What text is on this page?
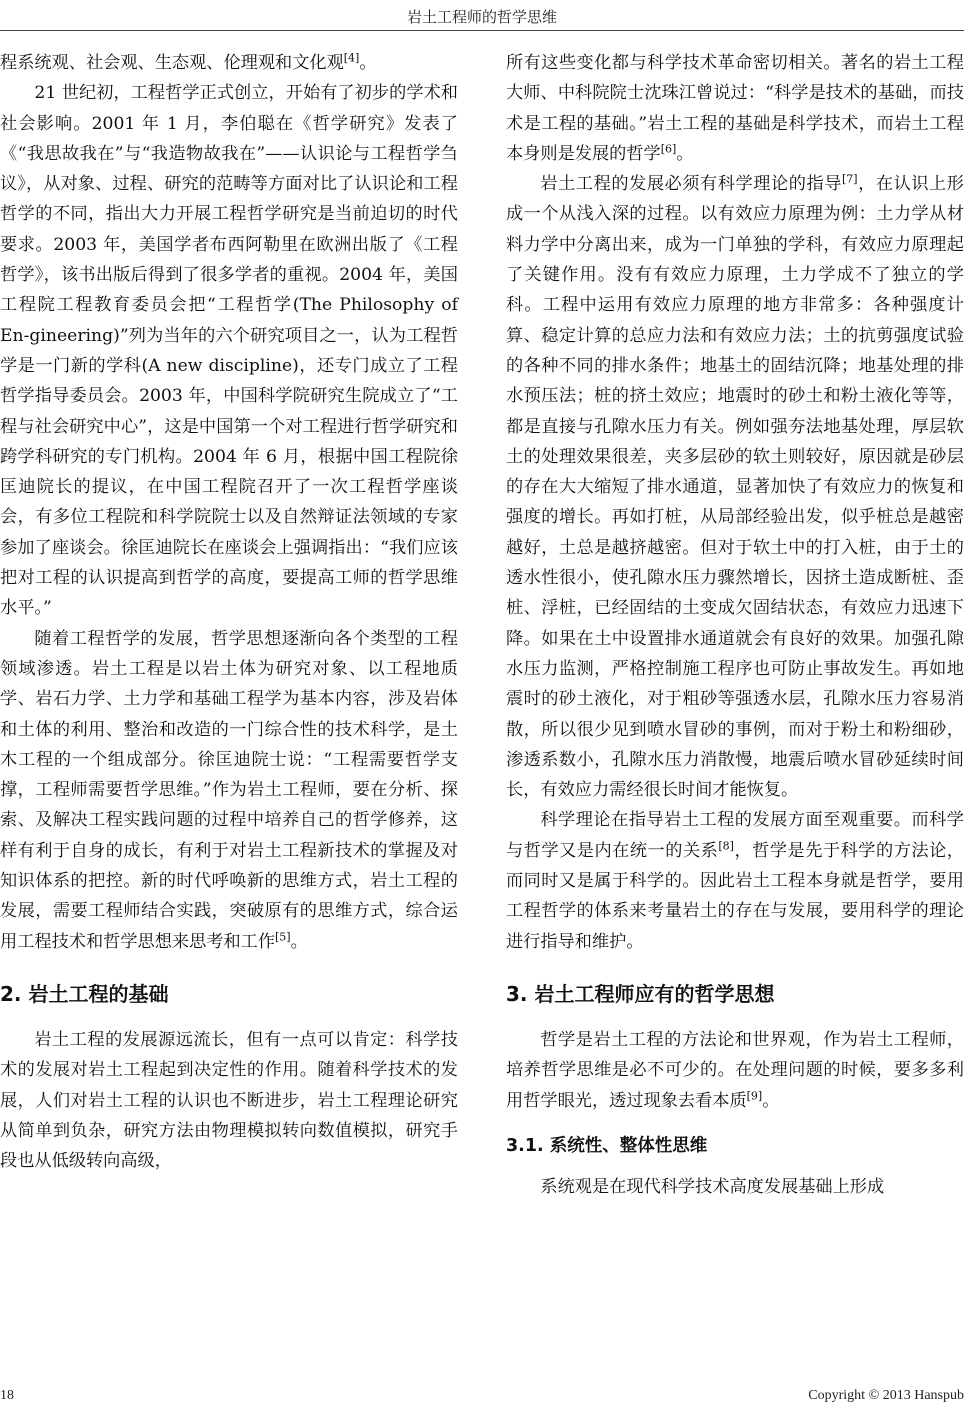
岩土工程师的哲学思维

程系统观、社会观、生态观、伦理观和文化观[4]。

21 世纪初，工程哲学正式创立，开始有了初步的学术和社会影响。2001 年 1 月，李伯聪在《哲学研究》发表了《“我思故我在”与“我造物故我在”——认识论与工程哲学刍议》，从对象、过程、研究的范畴等方面对比了认识论和工程哲学的不同，指出大力开展工程哲学研究是当前迫切的时代要求。2003 年，美国学者布西阿勒里在欧洲出版了《工程哲学》，该书出版后得到了很多学者的重视。2004 年，美国工程院工程教育委员会把“工程哲学(The Philosophy of En-gineering)”列为当年的六个研究项目之一，认为工程哲学是一门新的学科(A new discipline)，还专门成立了工程哲学指导委员会。2003 年，中国科学院研究生院成立了“工程与社会研究中心”，这是中国第一个对工程进行哲学研究和跨学科研究的专门机构。2004 年 6 月，根据中国工程院徐匡迪院长的提议，在中国工程院召开了一次工程哲学座谈会，有多位工程院和科学院院士以及自然辩证法领域的专家参加了座谈会。徐匡迪院长在座谈会上强调指出：“我们应该把对工程的认识提高到哲学的高度，要提高工师的哲学思维水平。”

随着工程哲学的发展，哲学思想逐渐向各个类型的工程领域渗透。岩土工程是以岩土体为研究对象、以工程地质学、岩石力学、土力学和基础工程学为基本内容，涉及岩体和土体的利用、整治和改造的一门综合性的技术科学，是土木工程的一个组成部分。徐匡迪院士说：“工程需要哲学支撑，工程师需要哲学思维。”作为岩土工程师，要在分析、探索、及解决工程实践问题的过程中培养自己的哲学修养，这样有利于自身的成长，有利于对岩土工程新技术的掌握及对知识体系的把控。新的时代呼唤新的思维方式，岩土工程的发展，需要工程师结合实践，突破原有的思维方式，综合运用工程技术和哲学思想来思考和工作[5]。

2. 岩土工程的基础

岩土工程的发展源远流长，但有一点可以肯定：科学技术的发展对岩土工程起到决定性的作用。随着科学技术的发展，人们对岩土工程的认识也不断进步，岩土工程理论研究从简单到负杂，研究方法由物理模拟转向数值模拟，研究手段也从低级转向高级，

所有这些变化都与科学技术革命密切相关。著名的岩土工程大师、中科院院士沈珠江曾说过：“科学是技术的基础，而技术是工程的基础。”岩土工程的基础是科学技术，而岩土工程本身则是发展的哲学[6]。

岩土工程的发展必须有科学理论的指导[7]，在认识上形成一个从浅入深的过程。以有效应力原理为例：土力学从材料力学中分离出来，成为一门单独的学科，有效应力原理起了关键作用。没有有效应力原理，土力学成不了独立的学科。工程中运用有效应力原理的地方非常多：各种强度计算、稳定计算的总应力法和有效应力法；土的抗剪强度试验的各种不同的排水条件；地基土的固结沉降；地基处理的排水预压法；桩的挤土效应；地震时的砂土和粉土液化等等，都是直接与孔隙水压力有关。例如强夯法地基处理，厚层软土的处理效果很差，夹多层砂的软土则较好，原因就是砂层的存在大大缩短了排水通道，显著加快了有效应力的恢复和强度的增长。再如打桩，从局部经验出发，似乎桩总是越密越好，土总是越挤越密。但对于软土中的打入桩，由于土的透水性很小，使孔隙水压力骤然增长，因挤土造成断桩、歪桩、浮桩，已经固结的土变成欠固结状态，有效应力迅速下降。如果在土中设置排水通道就会有良好的效果。加强孔隙水压力监测，严格控制施工程序也可防止事故发生。再如地震时的砂土液化，对于粗砂等强透水层，孔隙水压力容易消散，所以很少见到喷水冒砂的事例，而对于粉土和粉细砂，渗透系数小，孔隙水压力消散慢，地震后喷水冒砂延续时间长，有效应力需经很长时间才能恢复。

科学理论在指导岩土工程的发展方面至观重要。而科学与哲学又是内在统一的关系[8]，哲学是先于科学的方法论，而同时又是属于科学的。因此岩土工程本身就是哲学，要用工程哲学的体系来考量岩土的存在与发展，要用科学的理论进行指导和维护。

3. 岩土工程师应有的哲学思想

哲学是岩土工程的方法论和世界观，作为岩土工程师，培养哲学思维是必不可少的。在处理问题的时候，要多多利用哲学眼光，透过现象去看本质[9]。

3.1. 系统性、整体性思维

系统观是在现代科学技术高度发展基础上形成

18	Copyright © 2013 Hanspub
